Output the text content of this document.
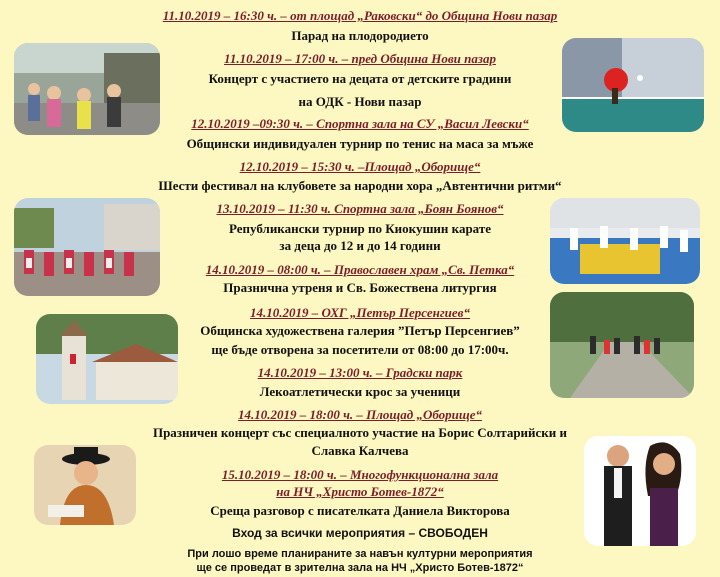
11.10.2019 – 16:30 ч. – от площад „Раковски“ до Община Нови пазар
Парад на плодородието
11.10.2019 – 17:00 ч. – пред Община Нови пазар
Концерт с участието на децата от детските градини
на ОДК - Нови пазар
12.10.2019 –09:30 ч. – Спортна зала на СУ „Васил Левски“
Общински индивидуален турнир по тенис на маса за мъже
12.10.2019 – 15:30 ч. –Площад „Оборище“
Шести фестивал на клубовете за народни хора „Автентични ритми“
13.10.2019 – 11:30 ч. Спортна зала „Боян Боянов“
Републикански турнир по Киокушин карате
за деца до 12 и до 14 години
14.10.2019 – 08:00 ч. – Православен храм „Св. Петка“
Празнична утреня и Св. Божествена литургия
14.10.2019 – ОХГ „Петър Персенгиев“
Общинска художествена галерия ”Петър Персенгиев”
ще бъде отворена за посетители от 08:00 до 17:00ч.
14.10.2019 – 13:00 ч. – Градски парк
Лекоатлетически крос за ученици
14.10.2019 – 18:00 ч. – Площад „Оборище“
Празничен концерт със специалното участие на Борис Солтарийски и
Славка Калчева
15.10.2019 – 18:00 ч. – Многофункционална зала
на НЧ „Христо Ботев-1872“
Среща разговор с писателката Даниела Викторова
Вход за всички мероприятия – СВОБОДЕН
При лошо време планираните за навън културни мероприятия
ще се проведат в зрителна зала на НЧ „Христо Ботев-1872“
